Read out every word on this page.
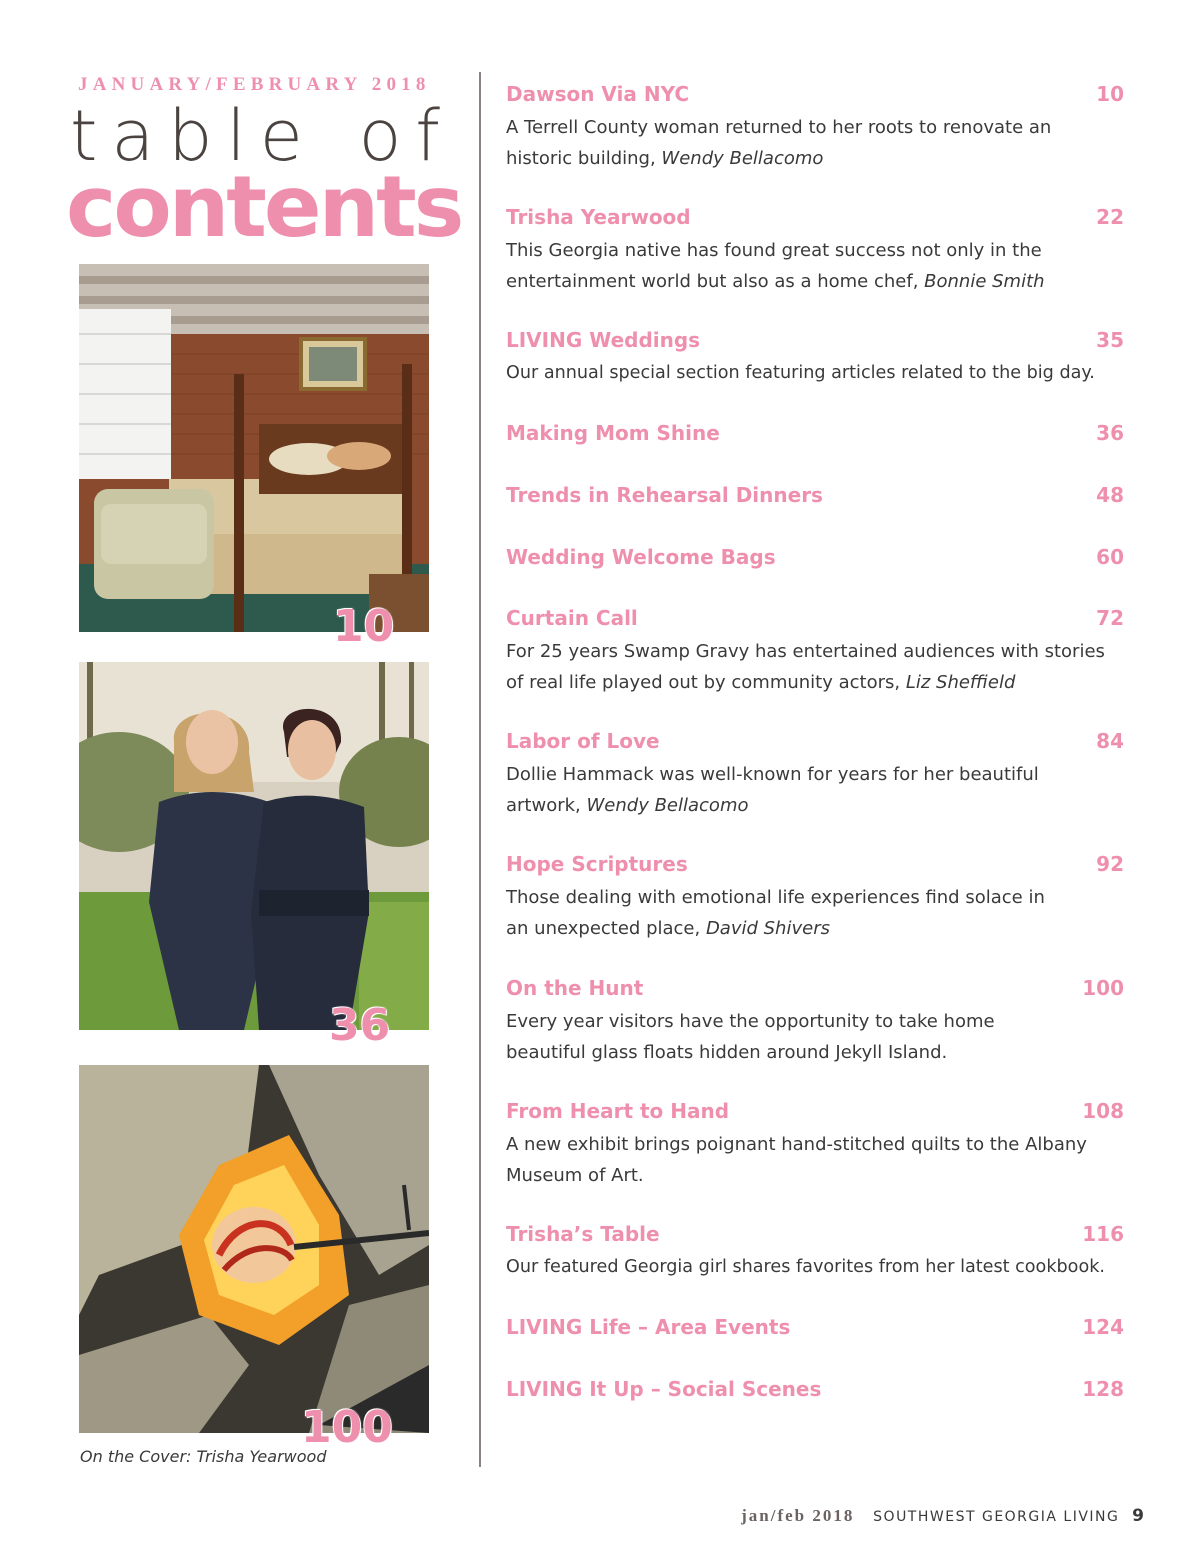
JANUARY/FEBRUARY 2018
t a b l e o f
contents
10
36
100
On the Cover: Trisha Yearwood
Dawson Via NYC	10
A Terrell County woman returned to her roots to renovate an historic building, Wendy Bellacomo
Trisha Yearwood	22
This Georgia native has found great success not only in the entertainment world but also as a home chef, Bonnie Smith
LIVING Weddings	35
Our annual special section featuring articles related to the big day.
Making Mom Shine	36
Trends in Rehearsal Dinners	48
Wedding Welcome Bags	60
Curtain Call	72
For 25 years Swamp Gravy has entertained audiences with stories of real life played out by community actors, Liz Sheffield
Labor of Love	84
Dollie Hammack was well-known for years for her beautiful artwork, Wendy Bellacomo
Hope Scriptures	92
Those dealing with emotional life experiences find solace in an unexpected place, David Shivers
On the Hunt	100
Every year visitors have the opportunity to take home beautiful glass floats hidden around Jekyll Island.
From Heart to Hand	108
A new exhibit brings poignant hand-stitched quilts to the Albany Museum of Art.
Trisha’s Table	116
Our featured Georgia girl shares favorites from her latest cookbook.
LIVING Life – Area Events	124
LIVING It Up – Social Scenes	128
jan/feb 2018 SOUTHWEST GEORGIA LIVING 9
